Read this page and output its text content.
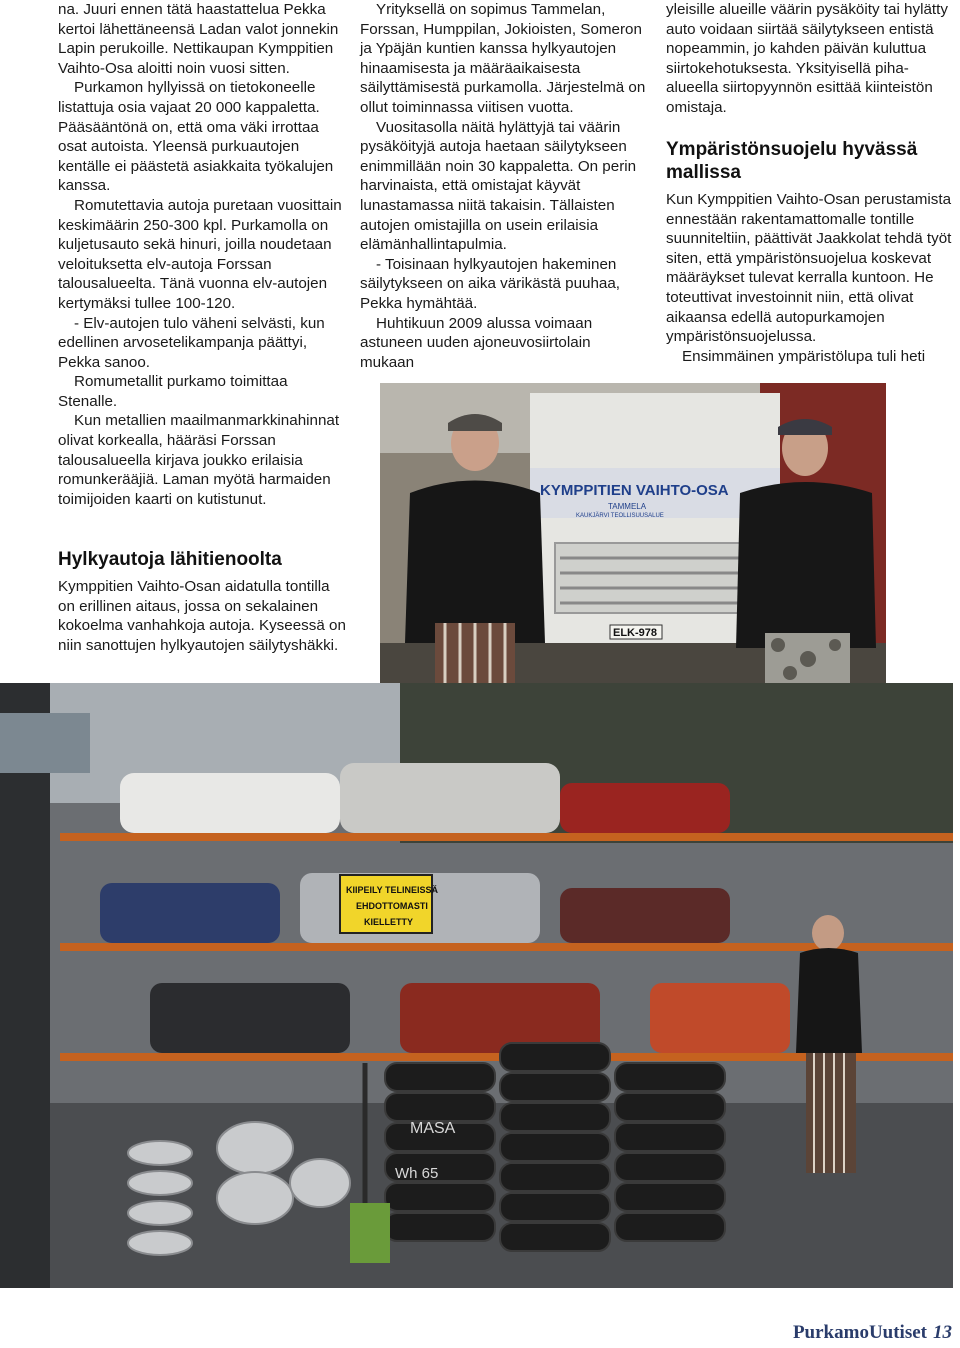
na. Juuri ennen tätä haastattelua Pekka kertoi lähettäneensä Ladan valot jonnekin Lapin perukoille. Nettikaupan Kymppitien Vaihto-Osa aloitti noin vuosi sitten.

Purkamon hyllyissä on tietokoneelle listattuja osia vajaat 20 000 kappaletta. Pääsääntönä on, että oma väki irrottaa osat autoista. Yleensä purkuautojen kentälle ei päästetä asiakkaita työkalujen kanssa.

Romutettavia autoja puretaan vuosittain keskimäärin 250-300 kpl. Purkamolla on kuljetusauto sekä hinuri, joilla noudetaan veloituksetta elv-autoja Forssan talousalueelta. Tänä vuonna elv-autojen kertymäksi tullee 100-120.

- Elv-autojen tulo väheni selvästi, kun edellinen arvosetelikampanja päättyi, Pekka sanoo.

Romumetallit purkamo toimittaa Stenalle.

Kun metallien maailmanmarkkinahinnat olivat korkealla, hääräsi Forssan talousalueella kirjava joukko erilaisia romunkerääjiä. Laman myötä harmaiden toimijoiden kaarti on kutistunut.

Hylkyautoja lähitienoolta

Kymppitien Vaihto-Osan aidatulla tontilla on erillinen aitaus, jossa on sekalainen kokoelma vanhahkoja autoja. Kyseessä on niin sanottujen hylkyautojen säilytyshäkki.

Yrityksellä on sopimus Tammelan, Forssan, Humppilan, Jokioisten, Someron ja Ypäjän kuntien kanssa hylkyautojen hinaamisesta ja määräaikaisesta säilyttämisestä purkamolla. Järjestelmä on ollut toiminnassa viitisen vuotta.

Vuositasolla näitä hylättyjä tai väärin pysäköityjä autoja haetaan säilytykseen enimmillään noin 30 kappaletta. On perin harvinaista, että omistajat käyvät lunastamassa niitä takaisin. Tällaisten autojen omistajilla on usein erilaisia elämänhallintapulmia.

- Toisinaan hylkyautojen hakeminen säilytykseen on aika värikästä puuhaa, Pekka hymähtää.

Huhtikuun 2009 alussa voimaan astuneen uuden ajoneuvosiirtolain mukaan

yleisille alueille väärin pysäköity tai hylätty auto voidaan siirtää säilytykseen entistä nopeammin, jo kahden päivän kuluttua siirtokehotuksesta. Yksityisellä piha-alueella siirtopyynnön esittää kiinteistön omistaja.

Ympäristönsuojelu hyvässä mallissa

Kun Kymppitien Vaihto-Osan perustamista ennestään rakentamattomalle tontille suunniteltiin, päättivät Jaakkolat tehdä työt siten, että ympäristönsuojelua koskevat määräykset tulevat kerralla kuntoon. He toteuttivat investoinnit niin, että olivat aikaansa edellä autopurkamojen ympäristönsuojelussa.

Ensimmäinen ympäristölupa tuli heti

KYMPPITIEN VAIHTO-OSA
TAMMELA
KAUKJÄRVI TEOLLISUUSALUE
ELK-978
KIIPEILY TELINEISSÄ
EHDOTTOMASTI
KIELLETTY
MASA
Wh 65
PurkamoUutiset 13
